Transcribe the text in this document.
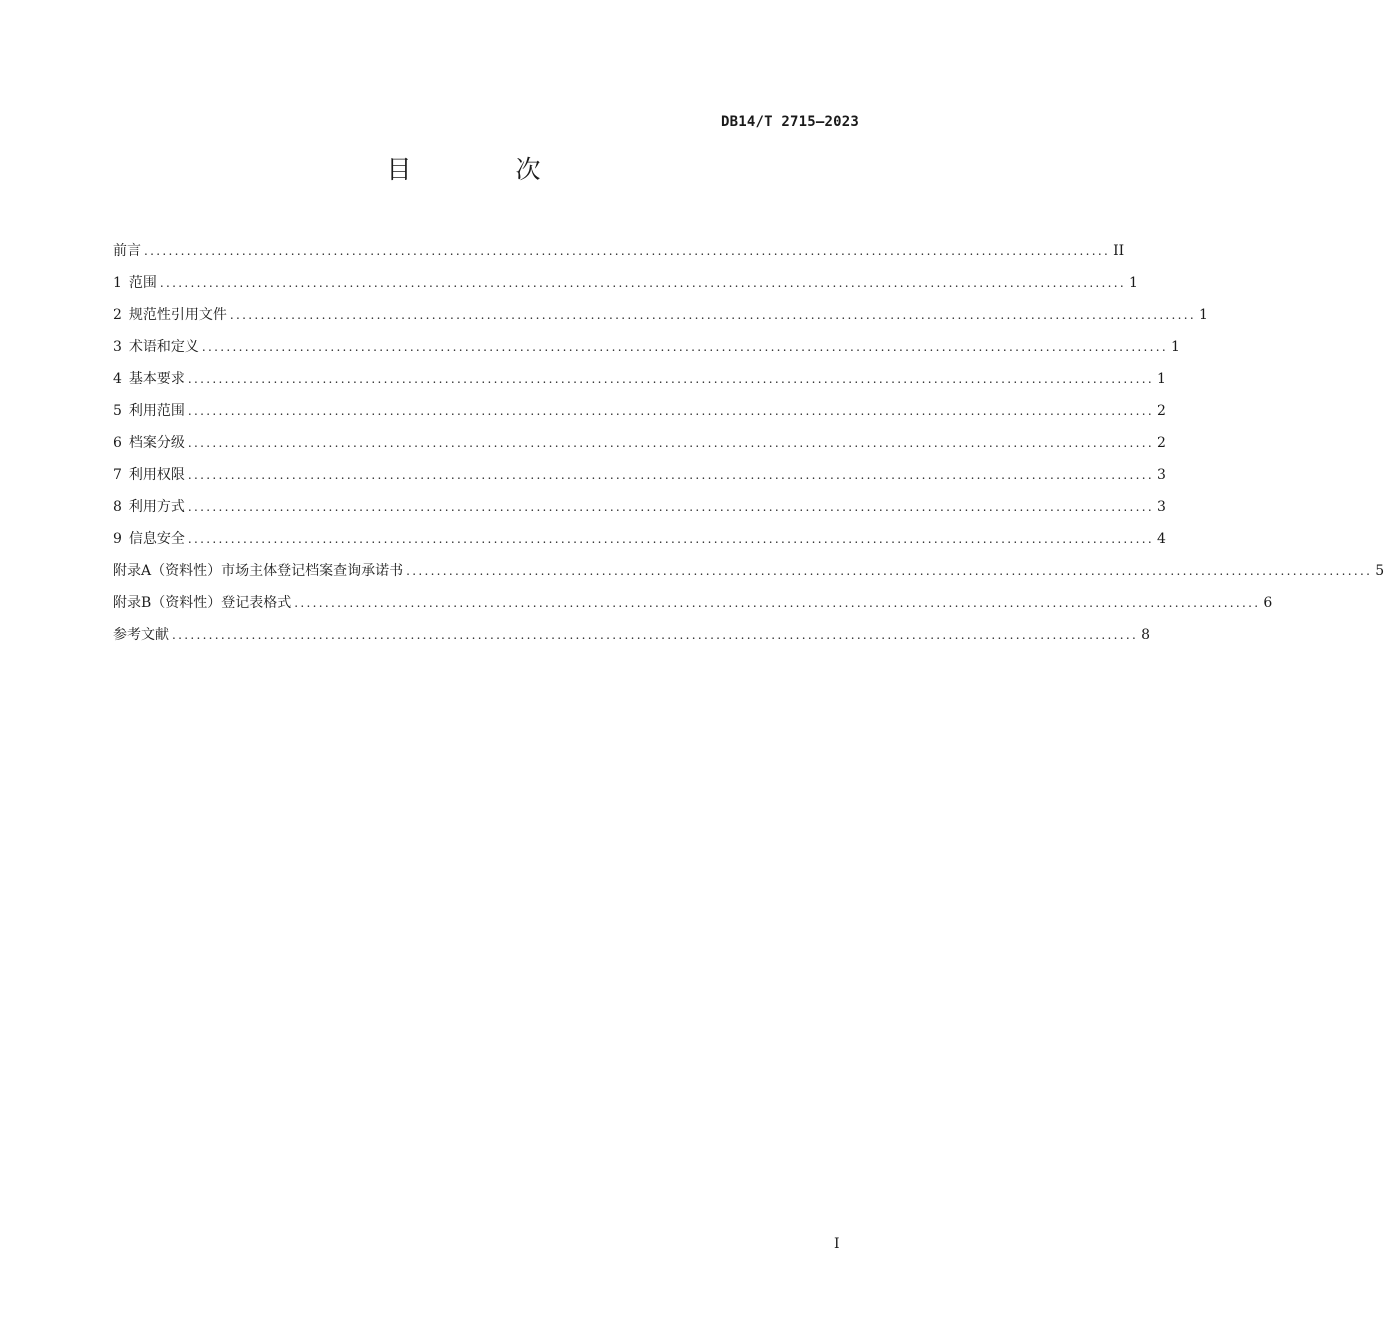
DB14/T 2715—2023
目 次
前言 .............................................................................................................................................................. II
1 范围 .............................................................................................................................................................. 1
2 规范性引用文件 .............................................................................................................................................................. 1
3 术语和定义 .............................................................................................................................................................. 1
4 基本要求 .............................................................................................................................................................. 1
5 利用范围 .............................................................................................................................................................. 2
6 档案分级 .............................................................................................................................................................. 2
7 利用权限 .............................................................................................................................................................. 3
8 利用方式 .............................................................................................................................................................. 3
9 信息安全 .............................................................................................................................................................. 4
附录A（资料性）市场主体登记档案查询承诺书 .............................................................................................................................................................. 5
附录B（资料性）登记表格式 .............................................................................................................................................................. 6
参考文献 .............................................................................................................................................................. 8
I
